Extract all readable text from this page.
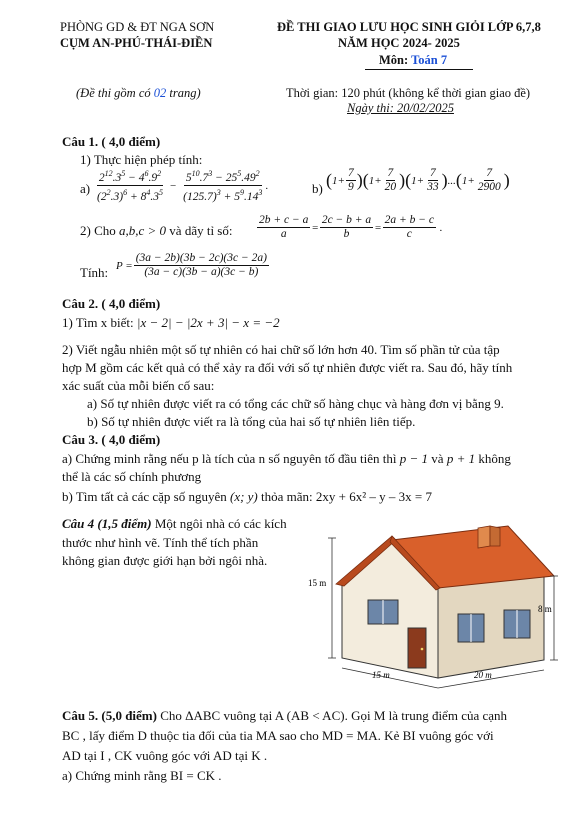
PHÒNG GD & ĐT NGA SƠN
CỤM AN-PHÚ-THÁI-ĐIỀN
(Đề thi gồm có 02 trang)
ĐỀ THI GIAO LƯU HỌC SINH GIỎI LỚP 6,7,8
NĂM HỌC 2024- 2025
Môn: Toán 7
Thời gian: 120 phút (không kể thời gian giao đề)
Ngày thi: 20/02/2025
Câu 1. ( 4,0 điểm)
1) Thực hiện phép tính:
$a) \frac{2^{12}.3^5 - 4^6.9^2}{(2^2.3)^6 + 8^4.3^5} - \frac{5^{10}.7^3 - 25^5.49^2}{(125.7)^3 + 5^9.14^3}$ .	b) $(1+ \frac{7}{9} )(1+ \frac{7}{20} )(1+ \frac{7}{33} )...(1+ \frac{7}{2900}$ )
2) Cho a,b,c > 0 và dãy tỉ số: $\frac{2b + c - a}{a} = \frac{2c - b + a}{b} = \frac{2a + b - c}{c}$ .
Tính: $P = \frac{(3a - 2b)(3b - 2c)(3c - 2a)}{(3a - c)(3b - a)(3c - b)}$
Câu 2. ( 4,0 điểm)
1) Tìm x biết: |x − 2| − |2x + 3| − x = −2
2) Viết ngẫu nhiên một số tự nhiên có hai chữ số lớn hơn 40. Tìm số phần tử của tập
hợp M gồm các kết quả có thể xảy ra đối với số tự nhiên được viết ra. Sau đó, hãy tính
xác suất của mỗi biến cố sau:
a) Số tự nhiên được viết ra có tổng các chữ số hàng chục và hàng đơn vị bằng 9.
b) Số tự nhiên được viết ra là tổng của hai số tự nhiên liên tiếp.
Câu 3. ( 4,0 điểm)
a) Chứng minh rằng nếu p là tích của n số nguyên tố đầu tiên thì p − 1 và p + 1 không
thể là các số chính phương
b) Tìm tất cả các cặp số nguyên (x; y) thỏa mãn: 2xy + 6x² – y – 3x = 7
Câu 4 (1,5 điểm) Một ngôi nhà có các kích
thước như hình vẽ. Tính thể tích phần
không gian được giới hạn bởi ngôi nhà.
15 m
8 m
15 m	20 m
Câu 5. (5,0 điểm) Cho ΔABC vuông tại A (AB < AC). Gọi M là trung điểm của cạnh
BC , lấy điểm D thuộc tia đối của tia MA sao cho MD = MA. Kẻ BI vuông góc với
AD tại I , CK vuông góc với AD tại K .
a) Chứng minh rằng BI = CK .
